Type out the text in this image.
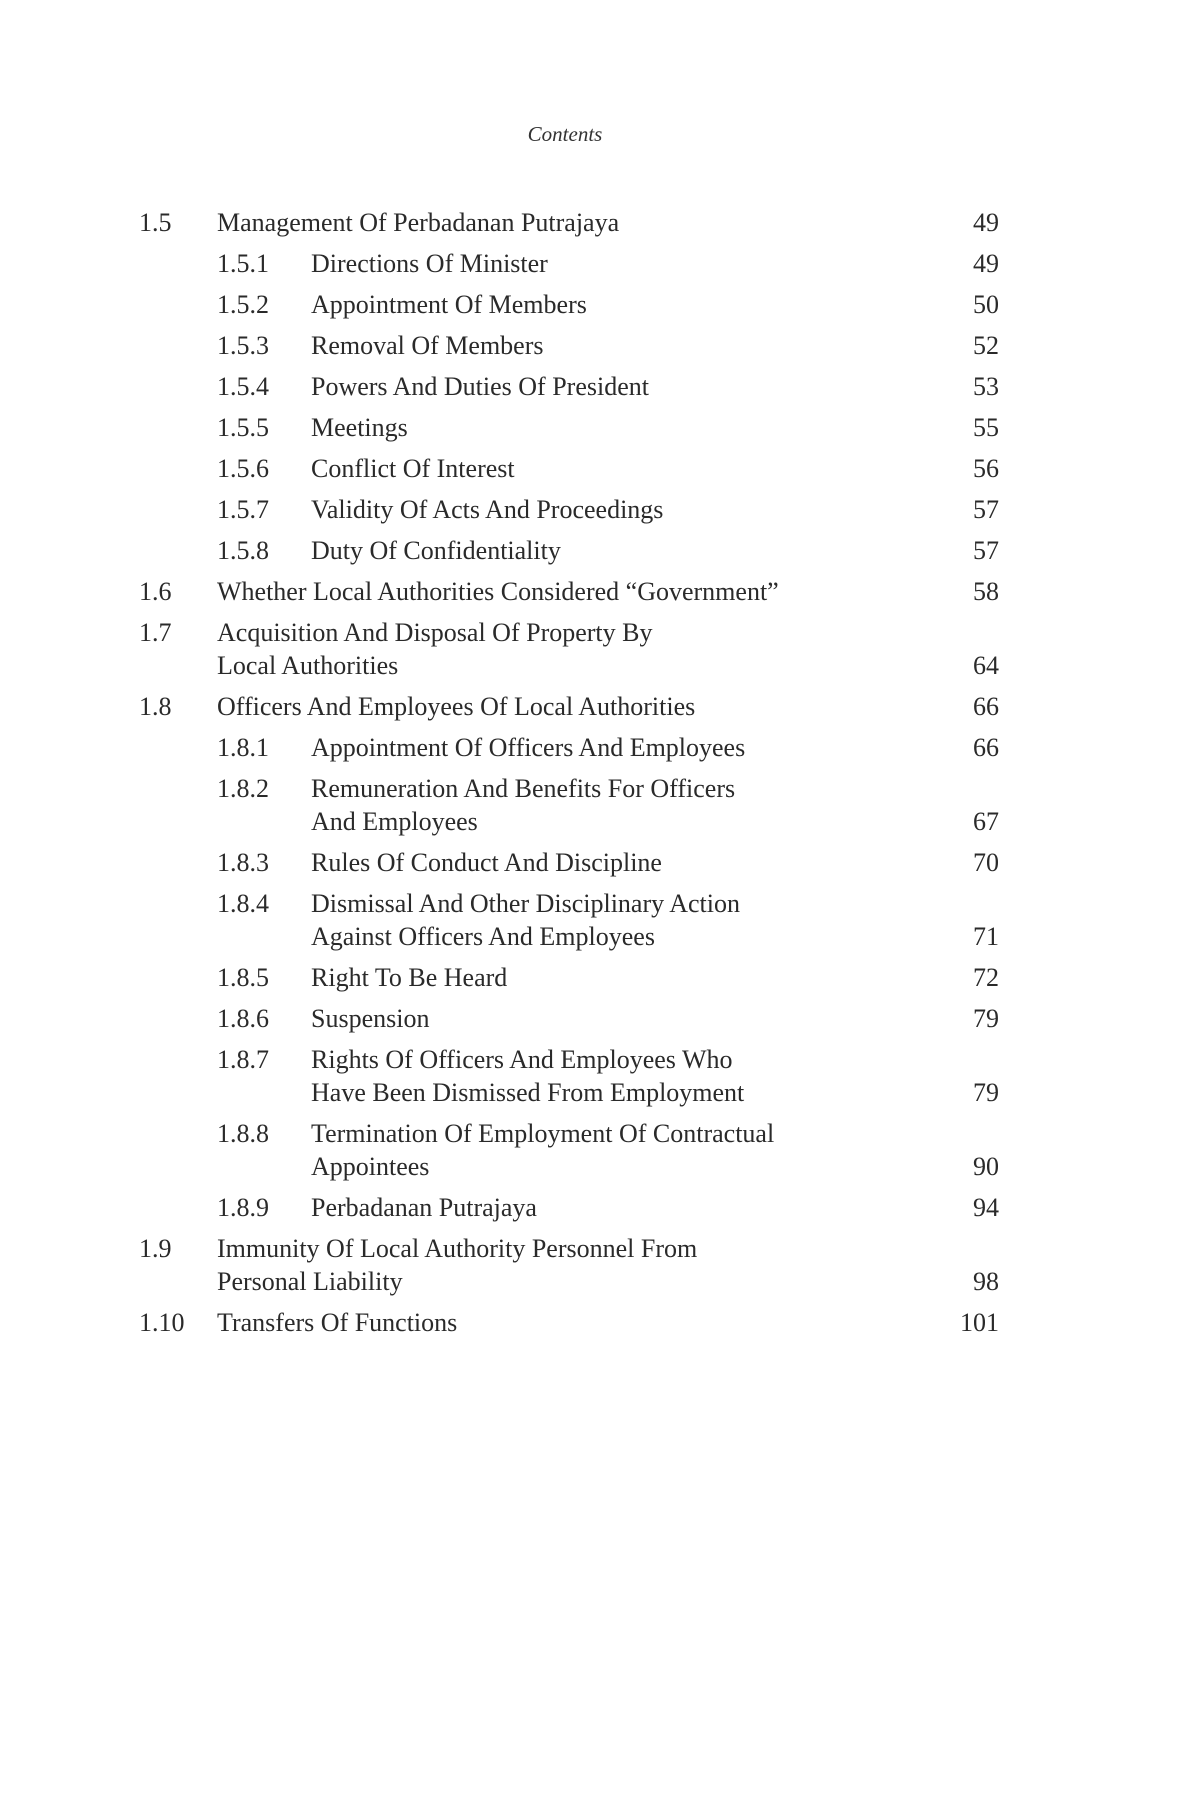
Contents
1.5 Management Of Perbadanan Putrajaya	49
1.5.1 Directions Of Minister	49
1.5.2 Appointment Of Members	50
1.5.3 Removal Of Members	52
1.5.4 Powers And Duties Of President	53
1.5.5 Meetings	55
1.5.6 Conflict Of Interest	56
1.5.7 Validity Of Acts And Proceedings	57
1.5.8 Duty Of Confidentiality	57
1.6 Whether Local Authorities Considered “Government”	58
1.7 Acquisition And Disposal Of Property By
Local Authorities	64
1.8 Officers And Employees Of Local Authorities	66
1.8.1 Appointment Of Officers And Employees	66
1.8.2 Remuneration And Benefits For Officers
And Employees	67
1.8.3 Rules Of Conduct And Discipline	70
1.8.4 Dismissal And Other Disciplinary Action
Against Officers And Employees	71
1.8.5 Right To Be Heard	72
1.8.6 Suspension	79
1.8.7 Rights Of Officers And Employees Who
Have Been Dismissed From Employment	79
1.8.8 Termination Of Employment Of Contractual
Appointees	90
1.8.9 Perbadanan Putrajaya	94
1.9 Immunity Of Local Authority Personnel From
Personal Liability	98
1.10 Transfers Of Functions	101
